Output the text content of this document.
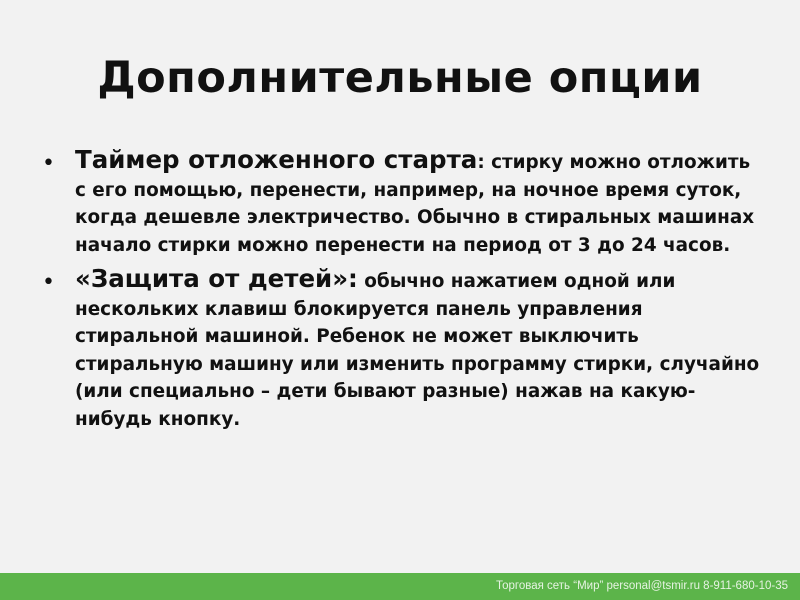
Дополнительные опции
• Таймер отложенного старта: стирку можно отложить с его помощью, перенести, например, на ночное время суток, когда дешевле электричество. Обычно в стиральных машинах начало стирки можно перенести на период от 3 до 24 часов.
• «Защита от детей»: обычно нажатием одной или нескольких клавиш блокируется панель управления стиральной машиной. Ребенок не может выключить стиральную машину или изменить программу стирки, случайно (или специально – дети бывают разные) нажав на какую-нибудь кнопку.
Торговая сеть “Мир” personal@tsmir.ru 8-911-680-10-35
